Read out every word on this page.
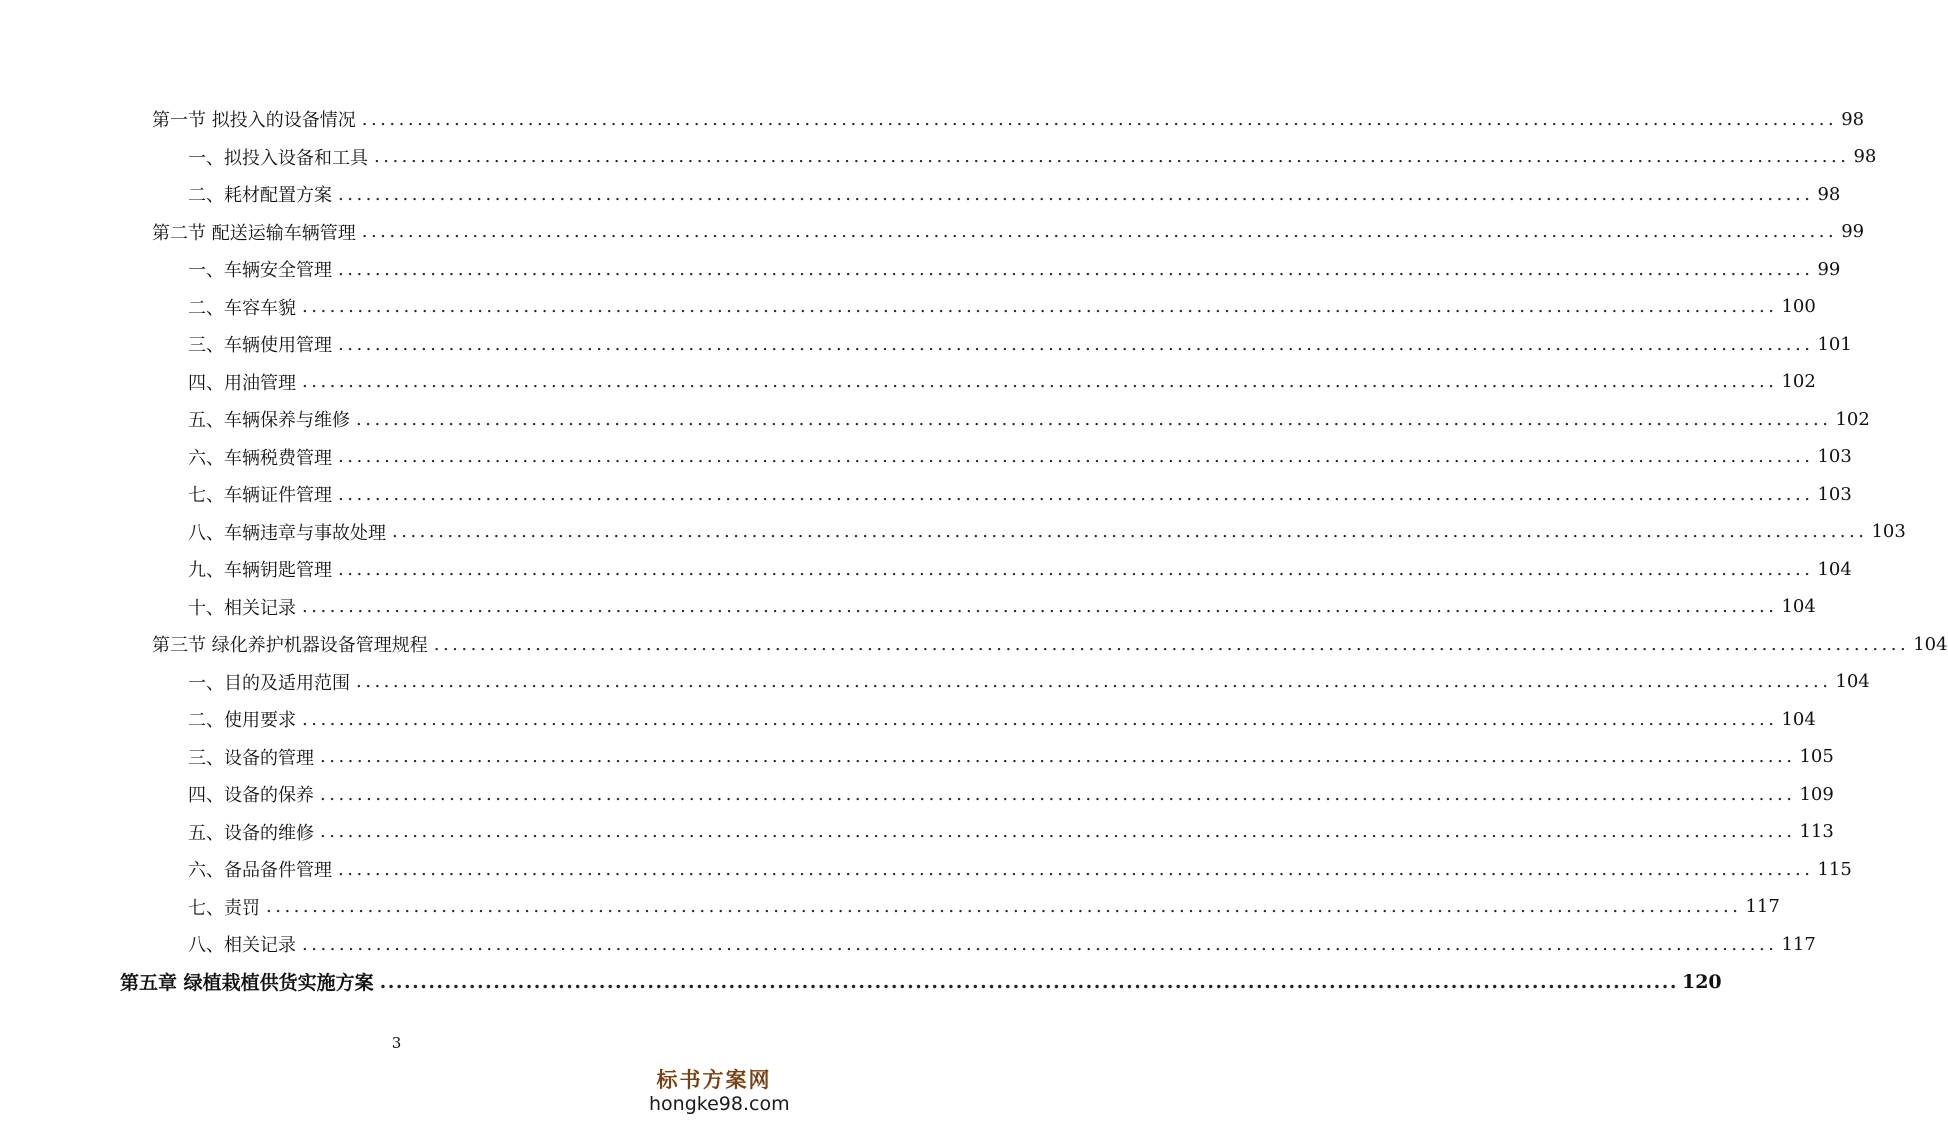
第一节 拟投入的设备情况 ................................................................................................................................................................ 98
一、拟投入设备和工具 ................................................................................................................................................................ 98
二、耗材配置方案 ................................................................................................................................................................ 98
第二节 配送运输车辆管理 ................................................................................................................................................................ 99
一、车辆安全管理 ................................................................................................................................................................ 99
二、车容车貌 ................................................................................................................................................................ 100
三、车辆使用管理 ................................................................................................................................................................ 101
四、用油管理 ................................................................................................................................................................ 102
五、车辆保养与维修 ................................................................................................................................................................ 102
六、车辆税费管理 ................................................................................................................................................................ 103
七、车辆证件管理 ................................................................................................................................................................ 103
八、车辆违章与事故处理 ................................................................................................................................................................ 103
九、车辆钥匙管理 ................................................................................................................................................................ 104
十、相关记录 ................................................................................................................................................................ 104
第三节 绿化养护机器设备管理规程 ................................................................................................................................................................ 104
一、目的及适用范围 ................................................................................................................................................................ 104
二、使用要求 ................................................................................................................................................................ 104
三、设备的管理 ................................................................................................................................................................ 105
四、设备的保养 ................................................................................................................................................................ 109
五、设备的维修 ................................................................................................................................................................ 113
六、备品备件管理 ................................................................................................................................................................ 115
七、责罚 ................................................................................................................................................................ 117
八、相关记录 ................................................................................................................................................................ 117
第五章 绿植栽植供货实施方案 ................................................................................................................................................................ 120
3
标书方案网
hongke98.com
